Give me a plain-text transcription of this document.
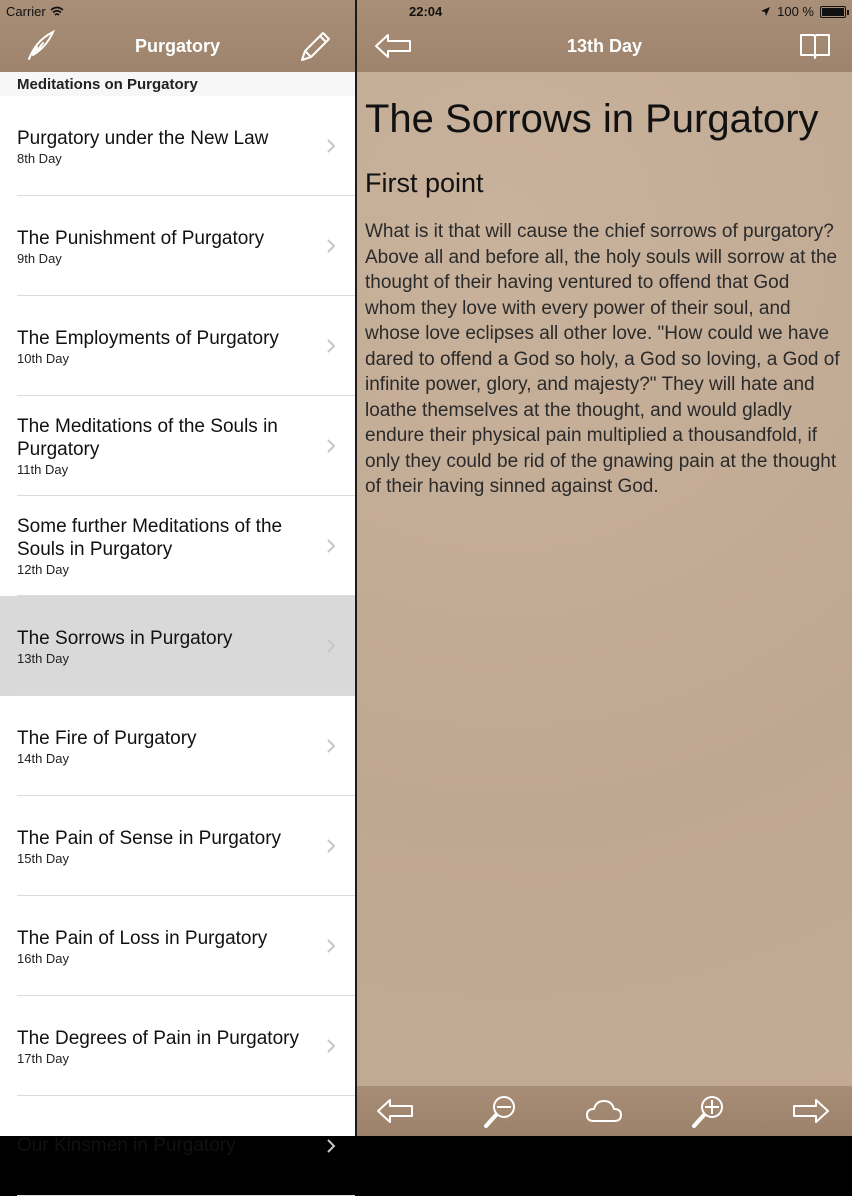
Purgatory
Meditations on Purgatory
Purgatory under the New Law
8th Day
The Punishment of Purgatory
9th Day
The Employments of Purgatory
10th Day
The Meditations of the Souls in Purgatory
11th Day
Some further Meditations of the Souls in Purgatory
12th Day
The Sorrows in Purgatory
13th Day
The Fire of Purgatory
14th Day
The Pain of Sense in Purgatory
15th Day
The Pain of Loss in Purgatory
16th Day
The Degrees of Pain in Purgatory
17th Day
Our Kinsmen in Purgatory
13th Day
The Sorrows in Purgatory
First point
What is it that will cause the chief sorrows of purgatory? Above all and before all, the holy souls will sorrow at the thought of their having ventured to offend that God whom they love with every power of their soul, and whose love eclipses all other love. "How could we have dared to offend a God so holy, a God so loving, a God of infinite power, glory, and majesty?" They will hate and loathe themselves at the thought, and would gladly endure their physical pain multiplied a thousandfold, if only they could be rid of the gnawing pain at the thought of their having sinned against God.
Carrier	22:04	100 %
